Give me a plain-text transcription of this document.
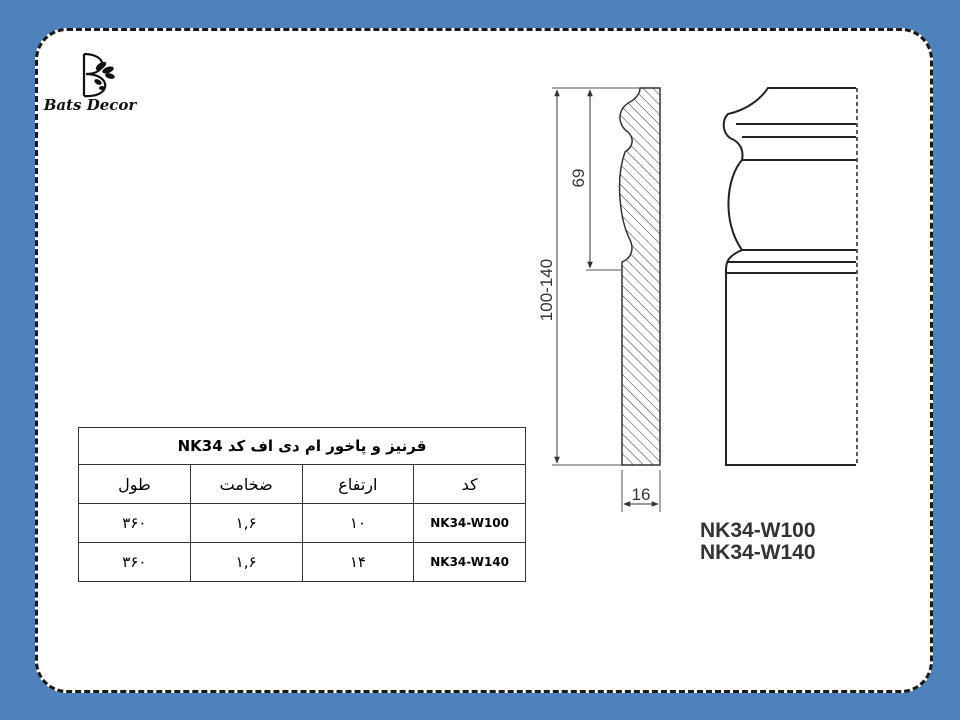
Bats Decor
قرنیز و پاخور ام دی اف کد NK34			
طول	ضخامت	ارتفاع	کد
۳۶۰	۱,۶	۱۰	NK34-W100
۳۶۰	۱,۶	۱۴	NK34-W140
100-140
69
16
NK34-W100
NK34-W140
